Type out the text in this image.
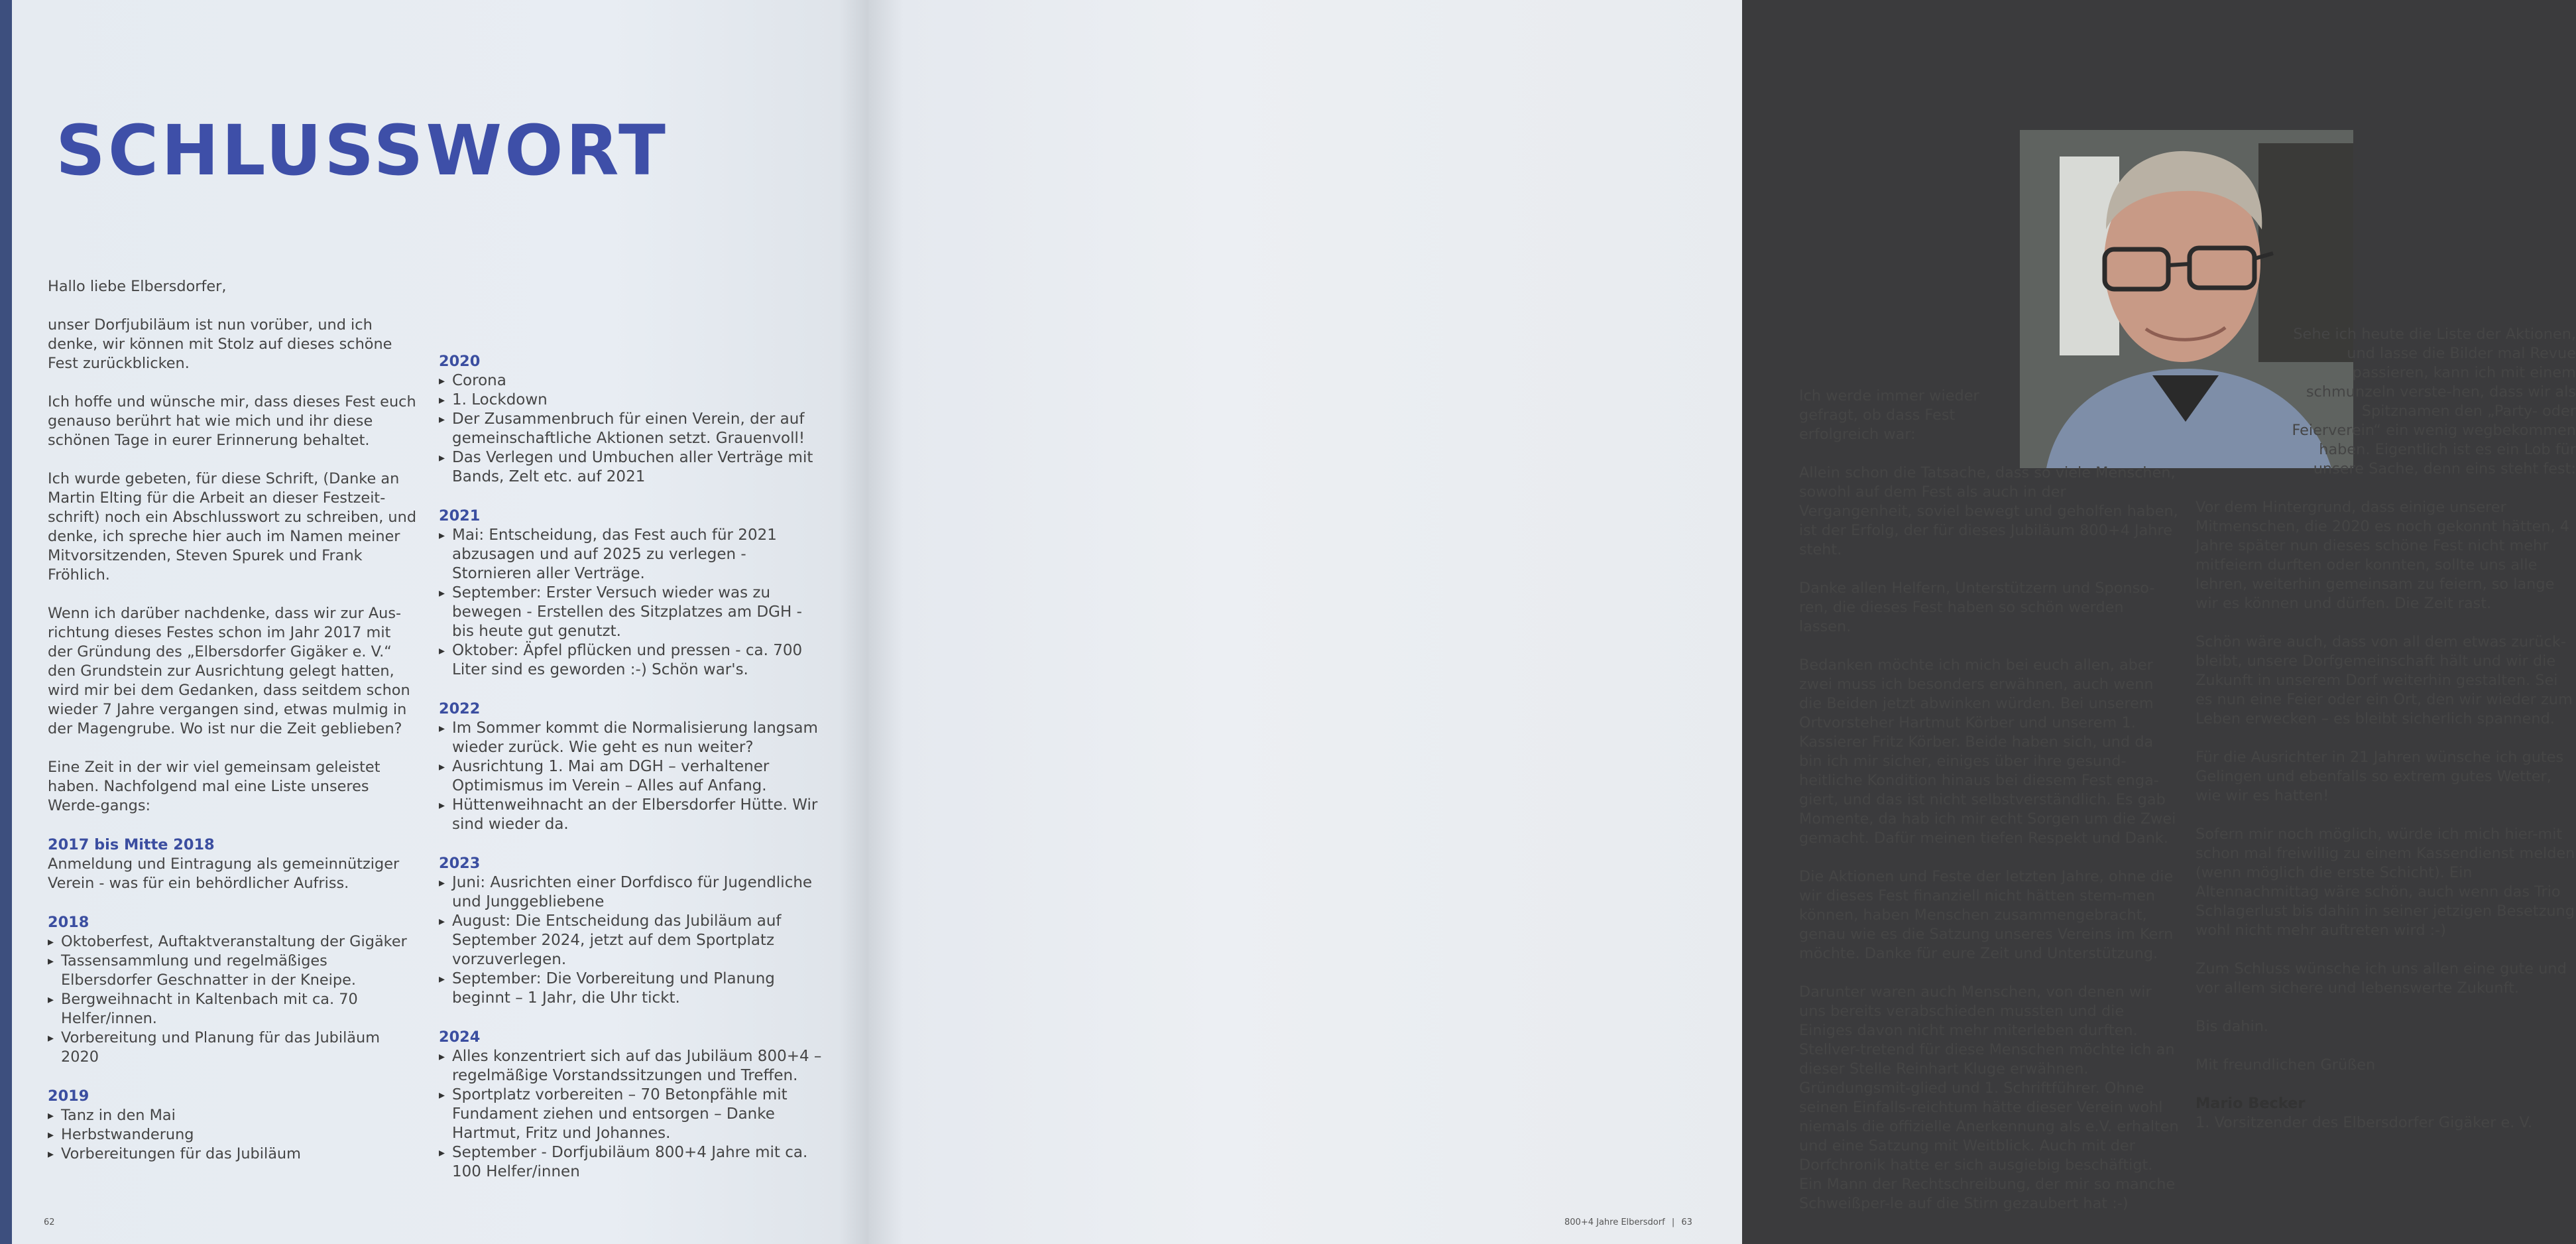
SCHLUSSWORT

Hallo liebe Elbersdorfer,

unser Dorfjubiläum ist nun vorüber, und ich denke, wir können mit Stolz auf dieses schöne Fest zurückblicken.

Ich hoffe und wünsche mir, dass dieses Fest euch genauso berührt hat wie mich und ihr diese schönen Tage in eurer Erinnerung behaltet.

Ich wurde gebeten, für diese Schrift, (Danke an Martin Elting für die Arbeit an dieser Festzeit-schrift) noch ein Abschlusswort zu schreiben, und denke, ich spreche hier auch im Namen meiner Mitvorsitzenden, Steven Spurek und Frank Fröhlich.

Wenn ich darüber nachdenke, dass wir zur Aus-richtung dieses Festes schon im Jahr 2017 mit der Gründung des „Elbersdorfer Gigäker e. V.“ den Grundstein zur Ausrichtung gelegt hatten, wird mir bei dem Gedanken, dass seitdem schon wieder 7 Jahre vergangen sind, etwas mulmig in der Magengrube. Wo ist nur die Zeit geblieben?

Eine Zeit in der wir viel gemeinsam geleistet haben. Nachfolgend mal eine Liste unseres Werde-gangs:

2017 bis Mitte 2018

Anmeldung und Eintragung als gemeinnütziger Verein - was für ein behördlicher Aufriss.

2018
▸ Oktoberfest, Auftaktveranstaltung der Gigäker
▸ Tassensammlung und regelmäßiges Elbersdorfer Geschnatter in der Kneipe.
▸ Bergweihnacht in Kaltenbach mit ca. 70 Helfer/innen.
▸ Vorbereitung und Planung für das Jubiläum 2020
2019
▸ Tanz in den Mai
▸ Herbstwanderung
▸ Vorbereitungen für das Jubiläum
2020
▸ Corona
▸ 1. Lockdown
▸ Der Zusammenbruch für einen Verein, der auf gemeinschaftliche Aktionen setzt. Grauenvoll!
▸ Das Verlegen und Umbuchen aller Verträge mit Bands, Zelt etc. auf 2021
2021
▸ Mai: Entscheidung, das Fest auch für 2021 abzusagen und auf 2025 zu verlegen - Stornieren aller Verträge.
▸ September: Erster Versuch wieder was zu bewegen - Erstellen des Sitzplatzes am DGH - bis heute gut genutzt.
▸ Oktober: Äpfel pflücken und pressen - ca. 700 Liter sind es geworden :-) Schön war's.
2022
▸ Im Sommer kommt die Normalisierung langsam wieder zurück. Wie geht es nun weiter?
▸ Ausrichtung 1. Mai am DGH – verhaltener Optimismus im Verein – Alles auf Anfang.
▸ Hüttenweihnacht an der Elbersdorfer Hütte. Wir sind wieder da.
2023
▸ Juni: Ausrichten einer Dorfdisco für Jugendliche und Junggebliebene
▸ August: Die Entscheidung das Jubiläum auf September 2024, jetzt auf dem Sportplatz vorzuverlegen.
▸ September: Die Vorbereitung und Planung beginnt – 1 Jahr, die Uhr tickt.
2024
▸ Alles konzentriert sich auf das Jubiläum 800+4 – regelmäßige Vorstandssitzungen und Treffen.
▸ Sportplatz vorbereiten – 70 Betonpfähle mit Fundament ziehen und entsorgen – Danke Hartmut, Fritz und Johannes.
▸ September - Dorfjubiläum 800+4 Jahre mit ca. 100 Helfer/innen
62

Ich werde immer wieder gefragt, ob dass Fest erfolgreich war:

Allein schon die Tatsache, dass so viele Menschen, sowohl auf dem Fest als auch in der Vergangenheit, soviel bewegt und geholfen haben, ist der Erfolg, der für dieses Jubiläum 800+4 Jahre steht.

Danke allen Helfern, Unterstützern und Sponso-ren, die dieses Fest haben so schön werden lassen.

Bedanken möchte ich mich bei euch allen, aber zwei muss ich besonders erwähnen, auch wenn die Beiden jetzt abwinken würden. Bei unserem Ortvorsteher Hartmut Körber und unserem 1. Kassierer Fritz Körber. Beide haben sich, und da bin ich mir sicher, einiges über ihre gesund-heitliche Kondition hinaus bei diesem Fest enga-giert, und das ist nicht selbstverständlich. Es gab Momente, da hab ich mir echt Sorgen um die Zwei gemacht. Dafür meinen tiefen Respekt und Dank.

Die Aktionen und Feste der letzten Jahre, ohne die wir dieses Fest finanziell nicht hätten stem-men können, haben Menschen zusammengebracht, genau wie es die Satzung unseres Vereins im Kern möchte. Danke für eure Zeit und Unterstützung.

Darunter waren auch Menschen, von denen wir uns bereits verabschieden mussten und die Einiges davon nicht mehr miterleben durften. Stellver-tretend für diese Menschen möchte ich an dieser Stelle Reinhart Kluge erwähnen. Gründungsmit-glied und 1. Schriftführer. Ohne seinen Einfalls-reichtum hätte dieser Verein wohl niemals die offizielle Anerkennung als e.V. erhalten und eine Satzung mit Weitblick. Auch mit der Dorfchronik hatte er sich ausgiebig beschäftigt. Ein Mann der Rechtschreibung, der mir so manche Schweißper-le auf die Stirn gezaubert hat :-)

Sehe ich heute die Liste der Aktionen, und lasse die Bilder mal Revue passieren, kann ich mit einem schmunzeln verste-hen, dass wir als Spitznamen den „Party- oder Feierverein“ ein wenig wegbekommen haben. Eigentlich ist es ein Lob für unsere Sache, denn eins steht fest:

Vor dem Hintergrund, dass einige unserer Mitmenschen, die 2020 es noch gekonnt hätten, 4 Jahre später nun dieses schöne Fest nicht mehr mitfeiern durften oder konnten, sollte uns alle lehren, weiterhin gemeinsam zu feiern, so lange wir es können und dürfen. Die Zeit rast.

Schön wäre auch, dass von all dem etwas zurück-bleibt, unsere Dorfgemeinschaft hält und wir die Zukunft in unserem Dorf weiterhin gestalten. Sei es nun eine Feier oder ein Ort, den wir wieder zum Leben erwecken – es bleibt sicherlich spannend.

Für die Ausrichter in 21 Jahren wünsche ich gutes Gelingen und ebenfalls so extrem gutes Wetter, wie wir es hatten!

Sofern mir noch möglich, würde ich mich hier-mit schon mal freiwillig zu einem Kassendienst melden (wenn möglich die erste Schicht). Ein Altennachmittag wäre schön, auch wenn das Trio Schlagerlust bis dahin in seiner jetzigen Besetzung wohl nicht mehr auftreten wird :-)

Zum Schluss wünsche ich uns allen eine gute und vor allem sichere und lebenswerte Zukunft.

Bis dahin.

Mit freundlichen Grüßen

Mario Becker

1. Vorsitzender des Elbersdorfer Gigäker e. V.

800+4 Jahre Elbersdorf | 63
